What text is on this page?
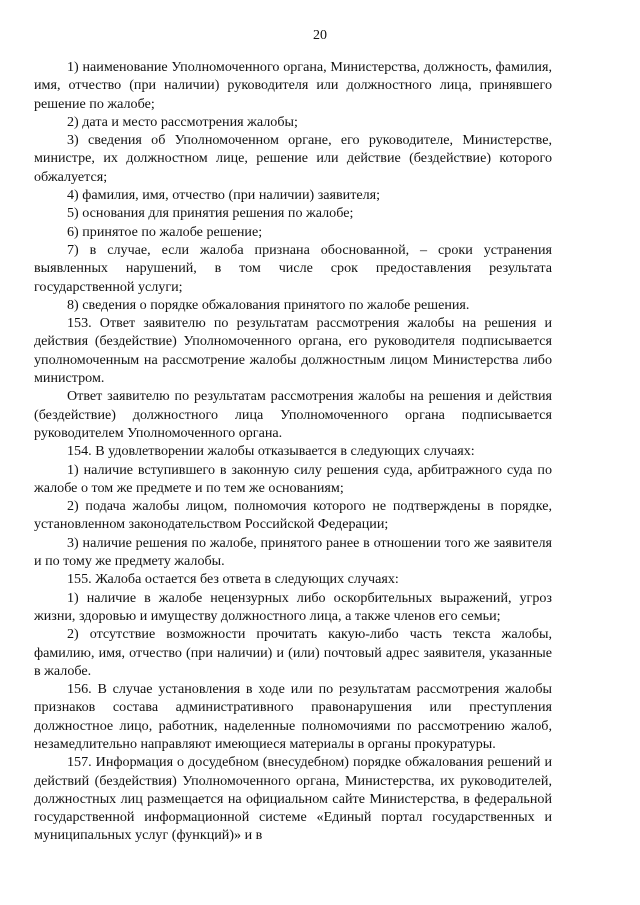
20

1) наименование Уполномоченного органа, Министерства, должность, фамилия, имя, отчество (при наличии) руководителя или должностного лица, принявшего решение по жалобе;

2) дата и место рассмотрения жалобы;

3) сведения об Уполномоченном органе, его руководителе, Министерстве, министре, их должностном лице, решение или действие (бездействие) которого обжалуется;

4) фамилия, имя, отчество (при наличии) заявителя;

5) основания для принятия решения по жалобе;

6) принятое по жалобе решение;

7) в случае, если жалоба признана обоснованной, – сроки устранения выявленных нарушений, в том числе срок предоставления результата государственной услуги;

8) сведения о порядке обжалования принятого по жалобе решения.

153. Ответ заявителю по результатам рассмотрения жалобы на решения и действия (бездействие) Уполномоченного органа, его руководителя подписывается уполномоченным на рассмотрение жалобы должностным лицом Министерства либо министром.

Ответ заявителю по результатам рассмотрения жалобы на решения и действия (бездействие) должностного лица Уполномоченного органа подписывается руководителем Уполномоченного органа.

154. В удовлетворении жалобы отказывается в следующих случаях:

1) наличие вступившего в законную силу решения суда, арбитражного суда по жалобе о том же предмете и по тем же основаниям;

2) подача жалобы лицом, полномочия которого не подтверждены в порядке, установленном законодательством Российской Федерации;

3) наличие решения по жалобе, принятого ранее в отношении того же заявителя и по тому же предмету жалобы.

155. Жалоба остается без ответа в следующих случаях:

1) наличие в жалобе нецензурных либо оскорбительных выражений, угроз жизни, здоровью и имуществу должностного лица, а также членов его семьи;

2) отсутствие возможности прочитать какую-либо часть текста жалобы, фамилию, имя, отчество (при наличии) и (или) почтовый адрес заявителя, указанные в жалобе.

156. В случае установления в ходе или по результатам рассмотрения жалобы признаков состава административного правонарушения или преступления должностное лицо, работник, наделенные полномочиями по рассмотрению жалоб, незамедлительно направляют имеющиеся материалы в органы прокуратуры.

157. Информация о досудебном (внесудебном) порядке обжалования решений и действий (бездействия) Уполномоченного органа, Министерства, их руководителей, должностных лиц размещается на официальном сайте Министерства, в федеральной государственной информационной системе «Единый портал государственных и муниципальных услуг (функций)» и в
